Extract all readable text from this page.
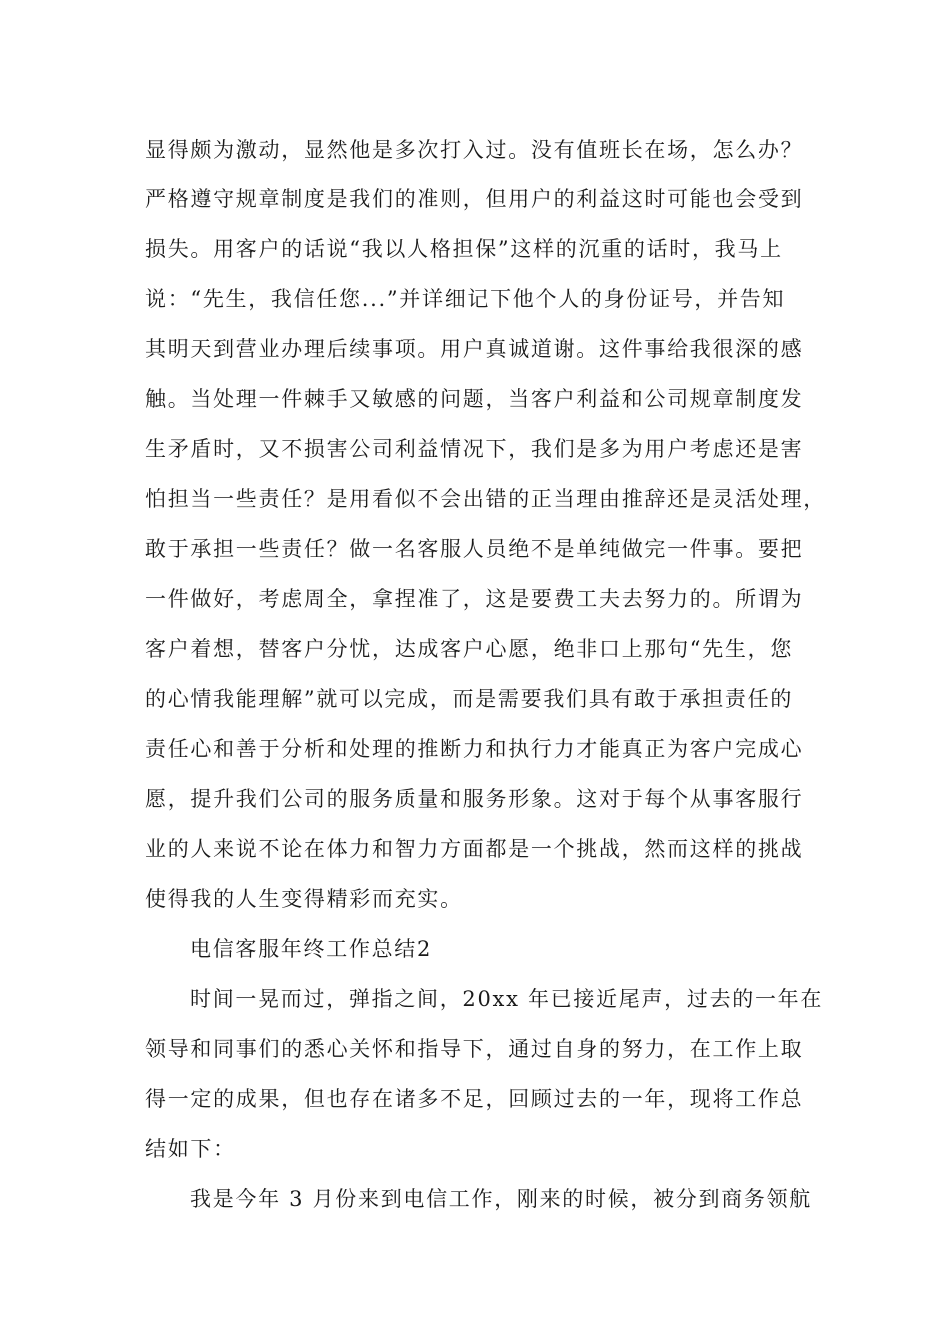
显得颇为激动，显然他是多次打入过。没有值班长在场，怎么办？
严格遵守规章制度是我们的准则，但用户的利益这时可能也会受到
损失。用客户的话说“我以人格担保”这样的沉重的话时，我马上
说：“先生，我信任您...”并详细记下他个人的身份证号，并告知
其明天到营业办理后续事项。用户真诚道谢。这件事给我很深的感
触。当处理一件棘手又敏感的问题，当客户利益和公司规章制度发
生矛盾时，又不损害公司利益情况下，我们是多为用户考虑还是害
怕担当一些责任？是用看似不会出错的正当理由推辞还是灵活处理，
敢于承担一些责任？做一名客服人员绝不是单纯做完一件事。要把
一件做好，考虑周全，拿捏准了，这是要费工夫去努力的。所谓为
客户着想，替客户分忧，达成客户心愿，绝非口上那句“先生，您
的心情我能理解”就可以完成，而是需要我们具有敢于承担责任的
责任心和善于分析和处理的推断力和执行力才能真正为客户完成心
愿，提升我们公司的服务质量和服务形象。这对于每个从事客服行
业的人来说不论在体力和智力方面都是一个挑战，然而这样的挑战
使得我的人生变得精彩而充实。
电信客服年终工作总结2
时间一晃而过，弹指之间，20xx 年已接近尾声，过去的一年在
领导和同事们的悉心关怀和指导下，通过自身的努力，在工作上取
得一定的成果，但也存在诸多不足，回顾过去的一年，现将工作总
结如下：
我是今年 3 月份来到电信工作，刚来的时候，被分到商务领航
